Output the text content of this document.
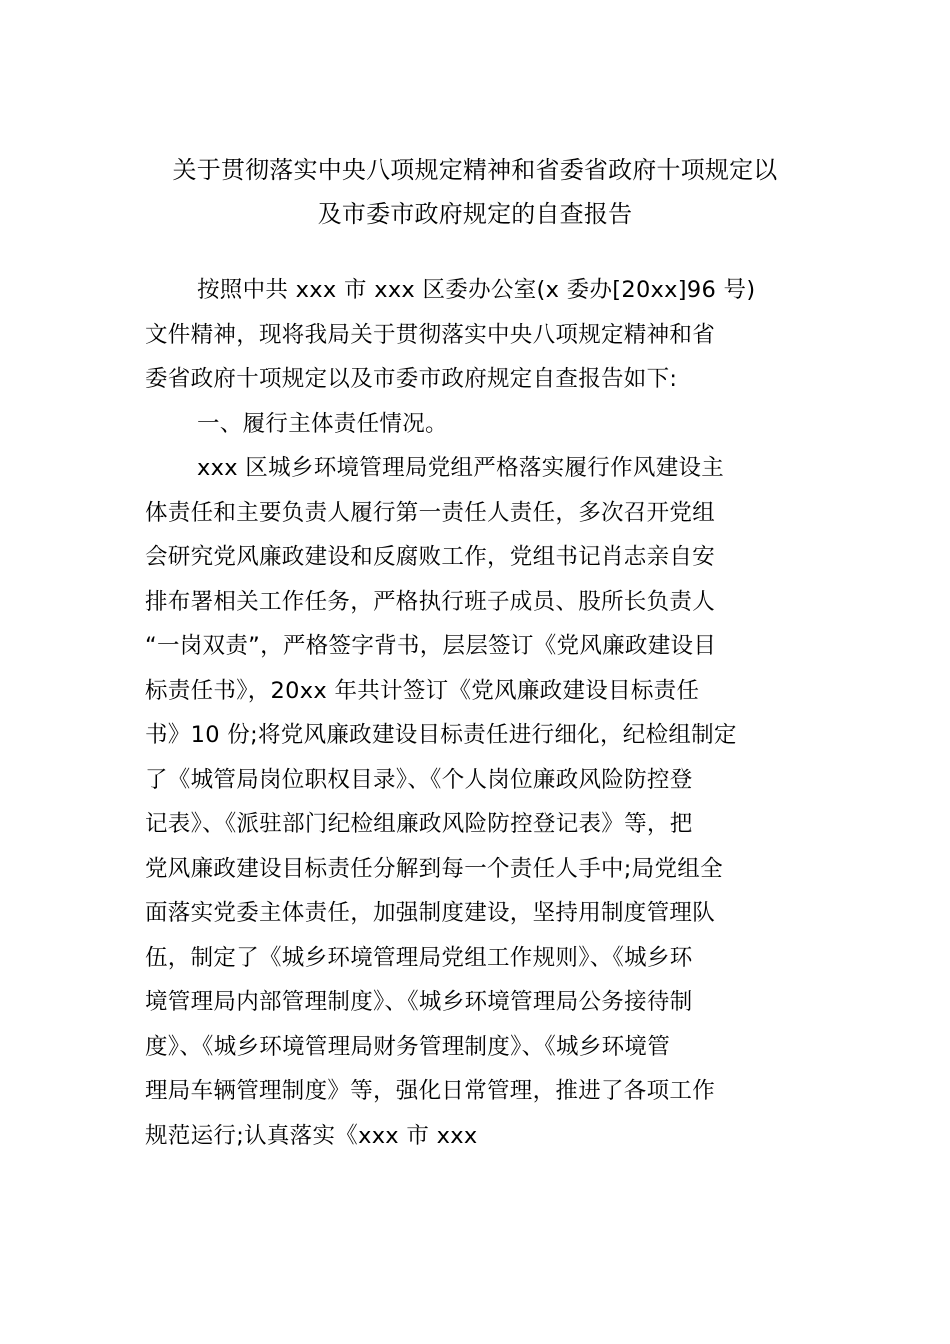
关于贯彻落实中央八项规定精神和省委省政府十项规定以
及市委市政府规定的自查报告
按照中共 xxx 市 xxx 区委办公室(x 委办[20xx]96 号)
文件精神，现将我局关于贯彻落实中央八项规定精神和省
委省政府十项规定以及市委市政府规定自查报告如下:
一、履行主体责任情况。
xxx 区城乡环境管理局党组严格落实履行作风建设主
体责任和主要负责人履行第一责任人责任，多次召开党组
会研究党风廉政建设和反腐败工作，党组书记肖志亲自安
排布署相关工作任务，严格执行班子成员、股所长负责人
“一岗双责”，严格签字背书，层层签订《党风廉政建设目
标责任书》，20xx 年共计签订《党风廉政建设目标责任
书》10 份;将党风廉政建设目标责任进行细化，纪检组制定
了《城管局岗位职权目录》、《个人岗位廉政风险防控登
记表》、《派驻部门纪检组廉政风险防控登记表》等，把
党风廉政建设目标责任分解到每一个责任人手中;局党组全
面落实党委主体责任，加强制度建设，坚持用制度管理队
伍，制定了《城乡环境管理局党组工作规则》、《城乡环
境管理局内部管理制度》、《城乡环境管理局公务接待制
度》、《城乡环境管理局财务管理制度》、《城乡环境管
理局车辆管理制度》等，强化日常管理，推进了各项工作
规范运行;认真落实《xxx 市 xxx
